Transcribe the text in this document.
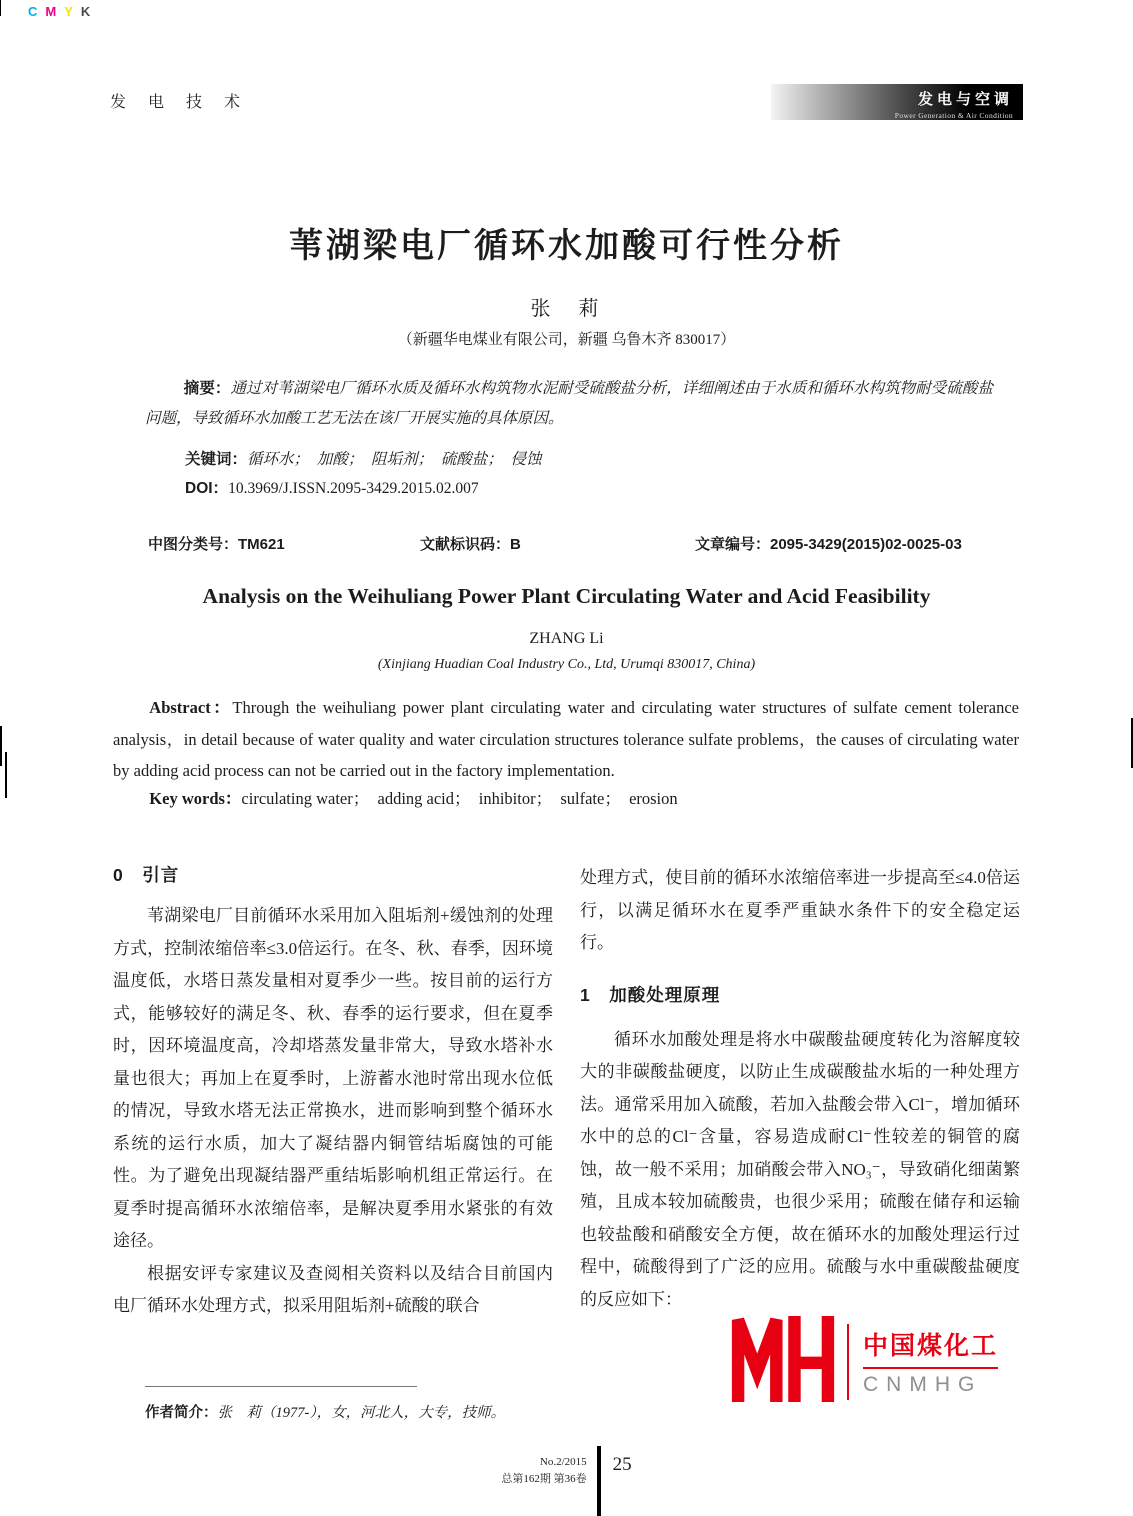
C M Y K
发 电 技 术	发电与空调
Power Generation & Air Condition
苇湖梁电厂循环水加酸可行性分析
张　莉
（新疆华电煤业有限公司，新疆 乌鲁木齐 830017）

摘要：通过对苇湖梁电厂循环水质及循环水构筑物水泥耐受硫酸盐分析，详细阐述由于水质和循环水构筑物耐受硫酸盐问题，导致循环水加酸工艺无法在该厂开展实施的具体原因。

关键词：循环水；　加酸；　阻垢剂；　硫酸盐；　侵蚀

DOI：10.3969/J.ISSN.2095-3429.2015.02.007

中图分类号：TM621	文献标识码：B	文章编号：2095-3429(2015)02-0025-03
Analysis on the Weihuliang Power Plant Circulating Water and Acid Feasibility
ZHANG Li
(Xinjiang Huadian Coal Industry Co., Ltd, Urumqi 830017, China)

Abstract：Through the weihuliang power plant circulating water and circulating water structures of sulfate cement tolerance analysis，in detail because of water quality and water circulation structures tolerance sulfate problems，the causes of circulating water by adding acid process can not be carried out in the factory implementation.

Key words：circulating water；　adding acid；　inhibitor；　sulfate；　erosion

0　引言

苇湖梁电厂目前循环水采用加入阻垢剂+缓蚀剂的处理方式，控制浓缩倍率≤3.0倍运行。在冬、秋、春季，因环境温度低，水塔日蒸发量相对夏季少一些。按目前的运行方式，能够较好的满足冬、秋、春季的运行要求，但在夏季时，因环境温度高，冷却塔蒸发量非常大，导致水塔补水量也很大；再加上在夏季时，上游蓄水池时常出现水位低的情况，导致水塔无法正常换水，进而影响到整个循环水系统的运行水质，加大了凝结器内铜管结垢腐蚀的可能性。为了避免出现凝结器严重结垢影响机组正常运行。在夏季时提高循环水浓缩倍率，是解决夏季用水紧张的有效途径。

根据安评专家建议及查阅相关资料以及结合目前国内电厂循环水处理方式，拟采用阻垢剂+硫酸的联合

处理方式，使目前的循环水浓缩倍率进一步提高至≤4.0倍运行，以满足循环水在夏季严重缺水条件下的安全稳定运行。

1　加酸处理原理

循环水加酸处理是将水中碳酸盐硬度转化为溶解度较大的非碳酸盐硬度，以防止生成碳酸盐水垢的一种处理方法。通常采用加入硫酸，若加入盐酸会带入Cl⁻，增加循环水中的总的Cl⁻含量，容易造成耐Cl⁻性较差的铜管的腐蚀，故一般不采用；加硝酸会带入NO₃⁻，导致硝化细菌繁殖，且成本较加硫酸贵，也很少采用；硫酸在储存和运输也较盐酸和硝酸安全方便，故在循环水的加酸处理运行过程中，硫酸得到了广泛的应用。硫酸与水中重碳酸盐硬度的反应如下：

作者简介：张　莉（1977-），女，河北人，大专，技师。

中国煤化工
CNMHG
No.2/2015
总第162期 第36卷
25
